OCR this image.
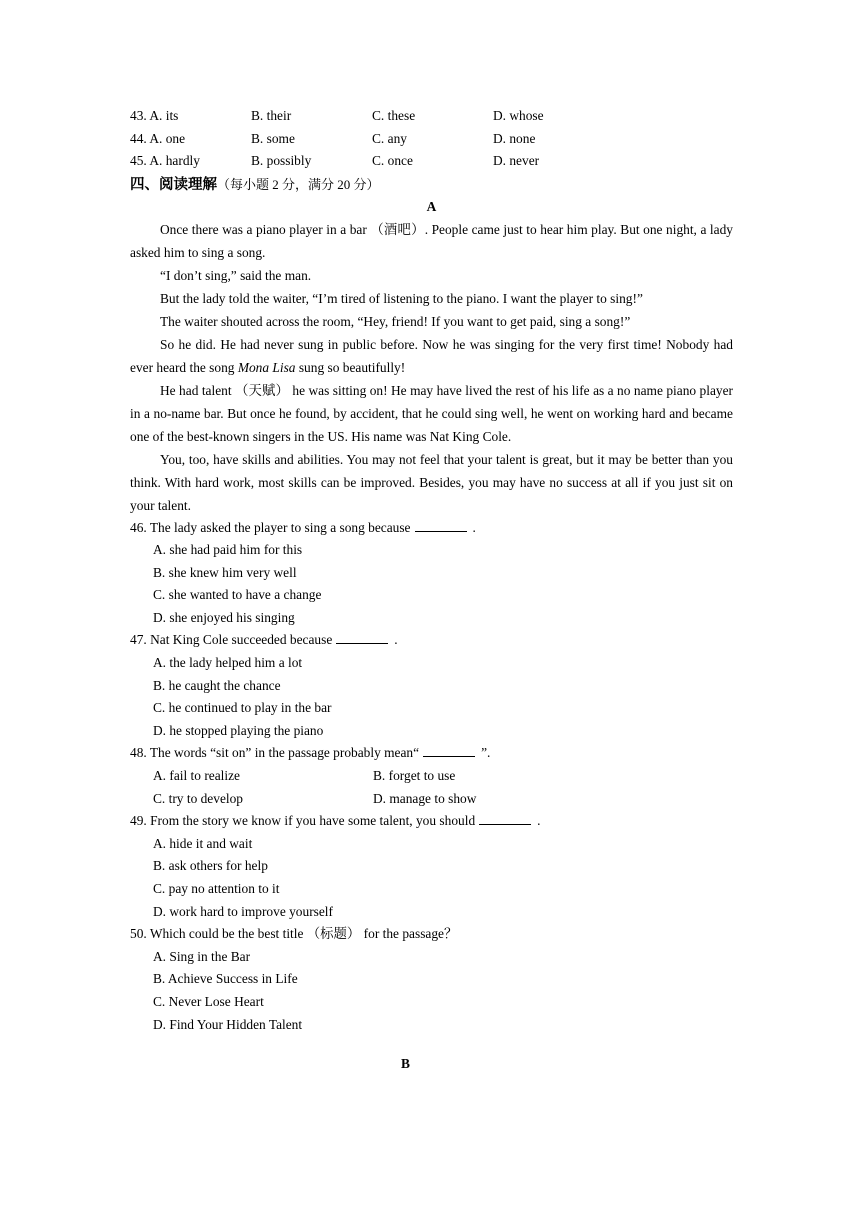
43. A. its	B. their	C. these	D. whose
44. A. one	B. some	C. any	D. none
45. A. hardly	B. possibly	C. once	D. never
四、阅读理解（每小题 2 分，满分 20 分）
A

Once there was a piano player in a bar （酒吧）. People came just to hear him play. But one night, a lady asked him to sing a song.

“I don’t sing,” said the man.

But the lady told the waiter, “I’m tired of listening to the piano. I want the player to sing!”

The waiter shouted across the room, “Hey, friend! If you want to get paid, sing a song!”

So he did. He had never sung in public before. Now he was singing for the very first time! Nobody had ever heard the song Mona Lisa sung so beautifully!

He had talent （天赋） he was sitting on! He may have lived the rest of his life as a no name piano player in a no-name bar. But once he found, by accident, that he could sing well, he went on working hard and became one of the best-known singers in the US. His name was Nat King Cole.

You, too, have skills and abilities. You may not feel that your talent is great, but it may be better than you think. With hard work, most skills can be improved. Besides, you may have no success at all if you just sit on your talent.

46. The lady asked the player to sing a song because	.

A. she had paid him for this

B. she knew him very well

C. she wanted to have a change

D. she enjoyed his singing

47. Nat King Cole succeeded because	.

A. the lady helped him a lot

B. he caught the chance

C. he continued to play in the bar

D. he stopped playing the piano

48. The words “sit on” in the passage probably mean“	”.

A. fail to realize	B. forget to use
C. try to develop	D. manage to show

49. From the story we know if you have some talent, you should	.

A. hide it and wait

B. ask others for help

C. pay no attention to it

D. work hard to improve yourself

50. Which could be the best title （标题） for the passage？

A. Sing in the Bar

B. Achieve Success in Life

C. Never Lose Heart

D. Find Your Hidden Talent

B
